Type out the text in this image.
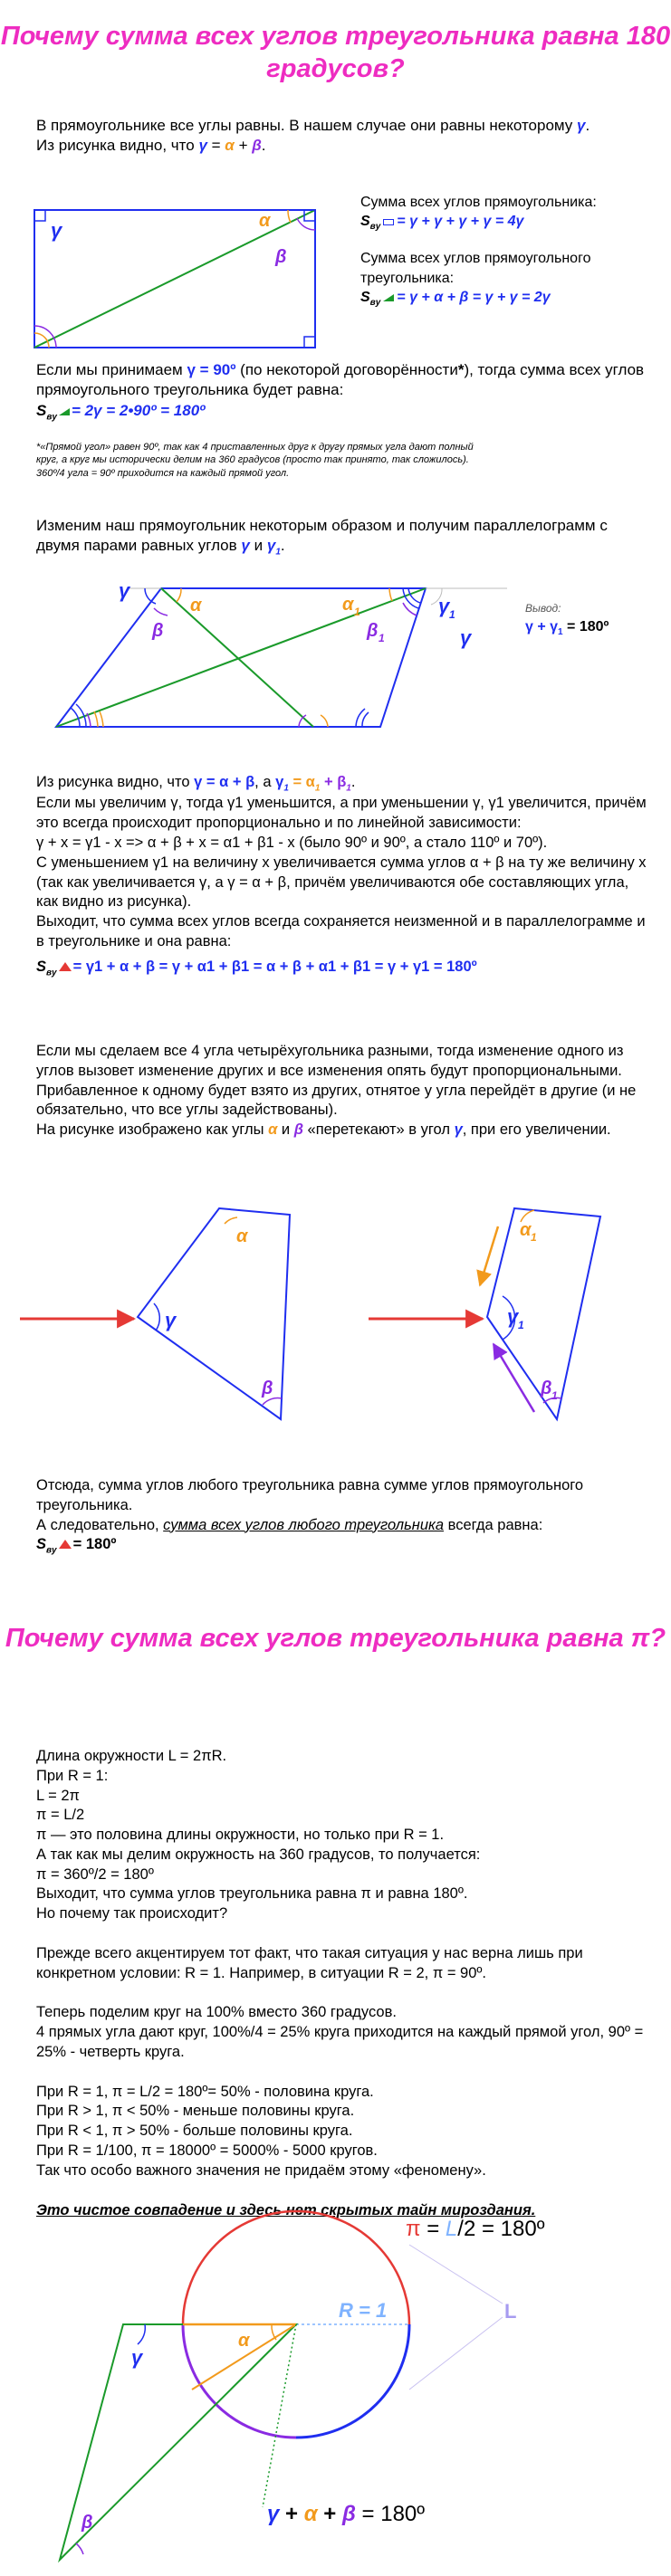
Почему сумма всех углов треугольника равна 180 градусов?
В прямоугольнике все углы равны. В нашем случае они равны некоторому γ.
Из рисунка видно, что γ = α + β.
γ	α
β
Сумма всех углов прямоугольника:
$S_{вy} = \gamma + \gamma + \gamma + \gamma = 4\gamma$
Сумма всех углов прямоугольного треугольника:
$S_{вy} = \gamma + \alpha + \beta = \gamma + \gamma = 2\gamma$
Если мы принимаем γ = 90º (по некоторой договорённости*), тогда сумма всех углов прямоугольного треугольника будет равна:
$S_{вy} = 2\gamma$ = 2•90º = 180º
*«Прямой угол» равен 90º, так как 4 приставленных друг к другу прямых угла дают полный
круг, а круг мы исторически делим на 360 градусов (просто так принято, так сложилось).
360º/4 угла = 90º приходится на каждый прямой угол.
Изменим наш прямоугольник некоторым образом и получим параллелограмм с двумя парами равных углов γ и $\gamma_1$.
γ
α
β
α 1
β 1
γ 1
γ
Вывод:
$\gamma + \gamma_1$ = 180º
Из рисунка видно, что γ = α + β, а $\gamma_1 = \alpha_1 + \beta_1$.
Если мы увеличим γ, тогда γ1 уменьшится, а при уменьшении γ, γ1 увеличится, причём это всегда происходит пропорционально и по линейной зависимости:
γ + x = γ1 - x => α + β + x = α1 + β1 - x (было 90º и 90º, а стало 110º и 70º).
С уменьшением γ1 на величину x увеличивается сумма углов α + β на ту же величину x (так как увеличивается γ, а γ = α + β, причём увеличиваются обе составляющих угла, как видно из рисунка).
Выходит, что сумма всех углов всегда сохраняется неизменной и в параллелограмме и в треугольнике и она равна:
$S_{вy} = \gamma 1 + \alpha + \beta = \gamma + \alpha 1 + \beta 1 = \alpha + \beta + \alpha 1 + \beta 1 = \gamma + \gamma 1$ = 180º
Если мы сделаем все 4 угла четырёхугольника разными, тогда изменение одного из углов вызовет изменение других и все изменения опять будут пропорциональными. Прибавленное к одному будет взято из других, отнятое у угла перейдёт в другие (и не обязательно, что все углы задействованы).
На рисунке изображено как углы α и β «перетекают» в угол γ, при его увеличении.
α
γ
β
α 1
γ 1
β 1
Отсюда, сумма углов любого треугольника равна сумме углов прямоугольного треугольника.
А следовательно, сумма всех углов любого треугольника всегда равна:
$S_{вy}$ = 180º
Почему сумма всех углов треугольника равна π?
Длина окружности L = 2πR.
При R = 1:
L = 2π
π = L/2
π — это половина длины окружности, но только при R = 1.
А так как мы делим окружность на 360 градусов, то получается:
π = 360º/2 = 180º
Выходит, что сумма углов треугольника равна π и равна 180º.
Но почему так происходит?
Прежде всего акцентируем тот факт, что такая ситуация у нас верна лишь при конкретном условии: R = 1. Например, в ситуации R = 2, π = 90º.
Теперь поделим круг на 100% вместо 360 градусов.
4 прямых угла дают круг, 100%/4 = 25% круга приходится на каждый прямой угол, 90º = 25% - четверть круга.
При R = 1, π = L/2 = 180º= 50% - половина круга.
При R > 1, π < 50% - меньше половины круга.
При R < 1, π > 50% - больше половины круга.
При R = 1/100, π = 18000º = 5000% - 5000 кругов.
Так что особо важного значения не придаём этому «феномену».
Это чистое совпадение и здесь нет скрытых тайн мироздания.
π = L/2 = 180º
R = 1	L
γ
α
β	γ + α + β = 180º
